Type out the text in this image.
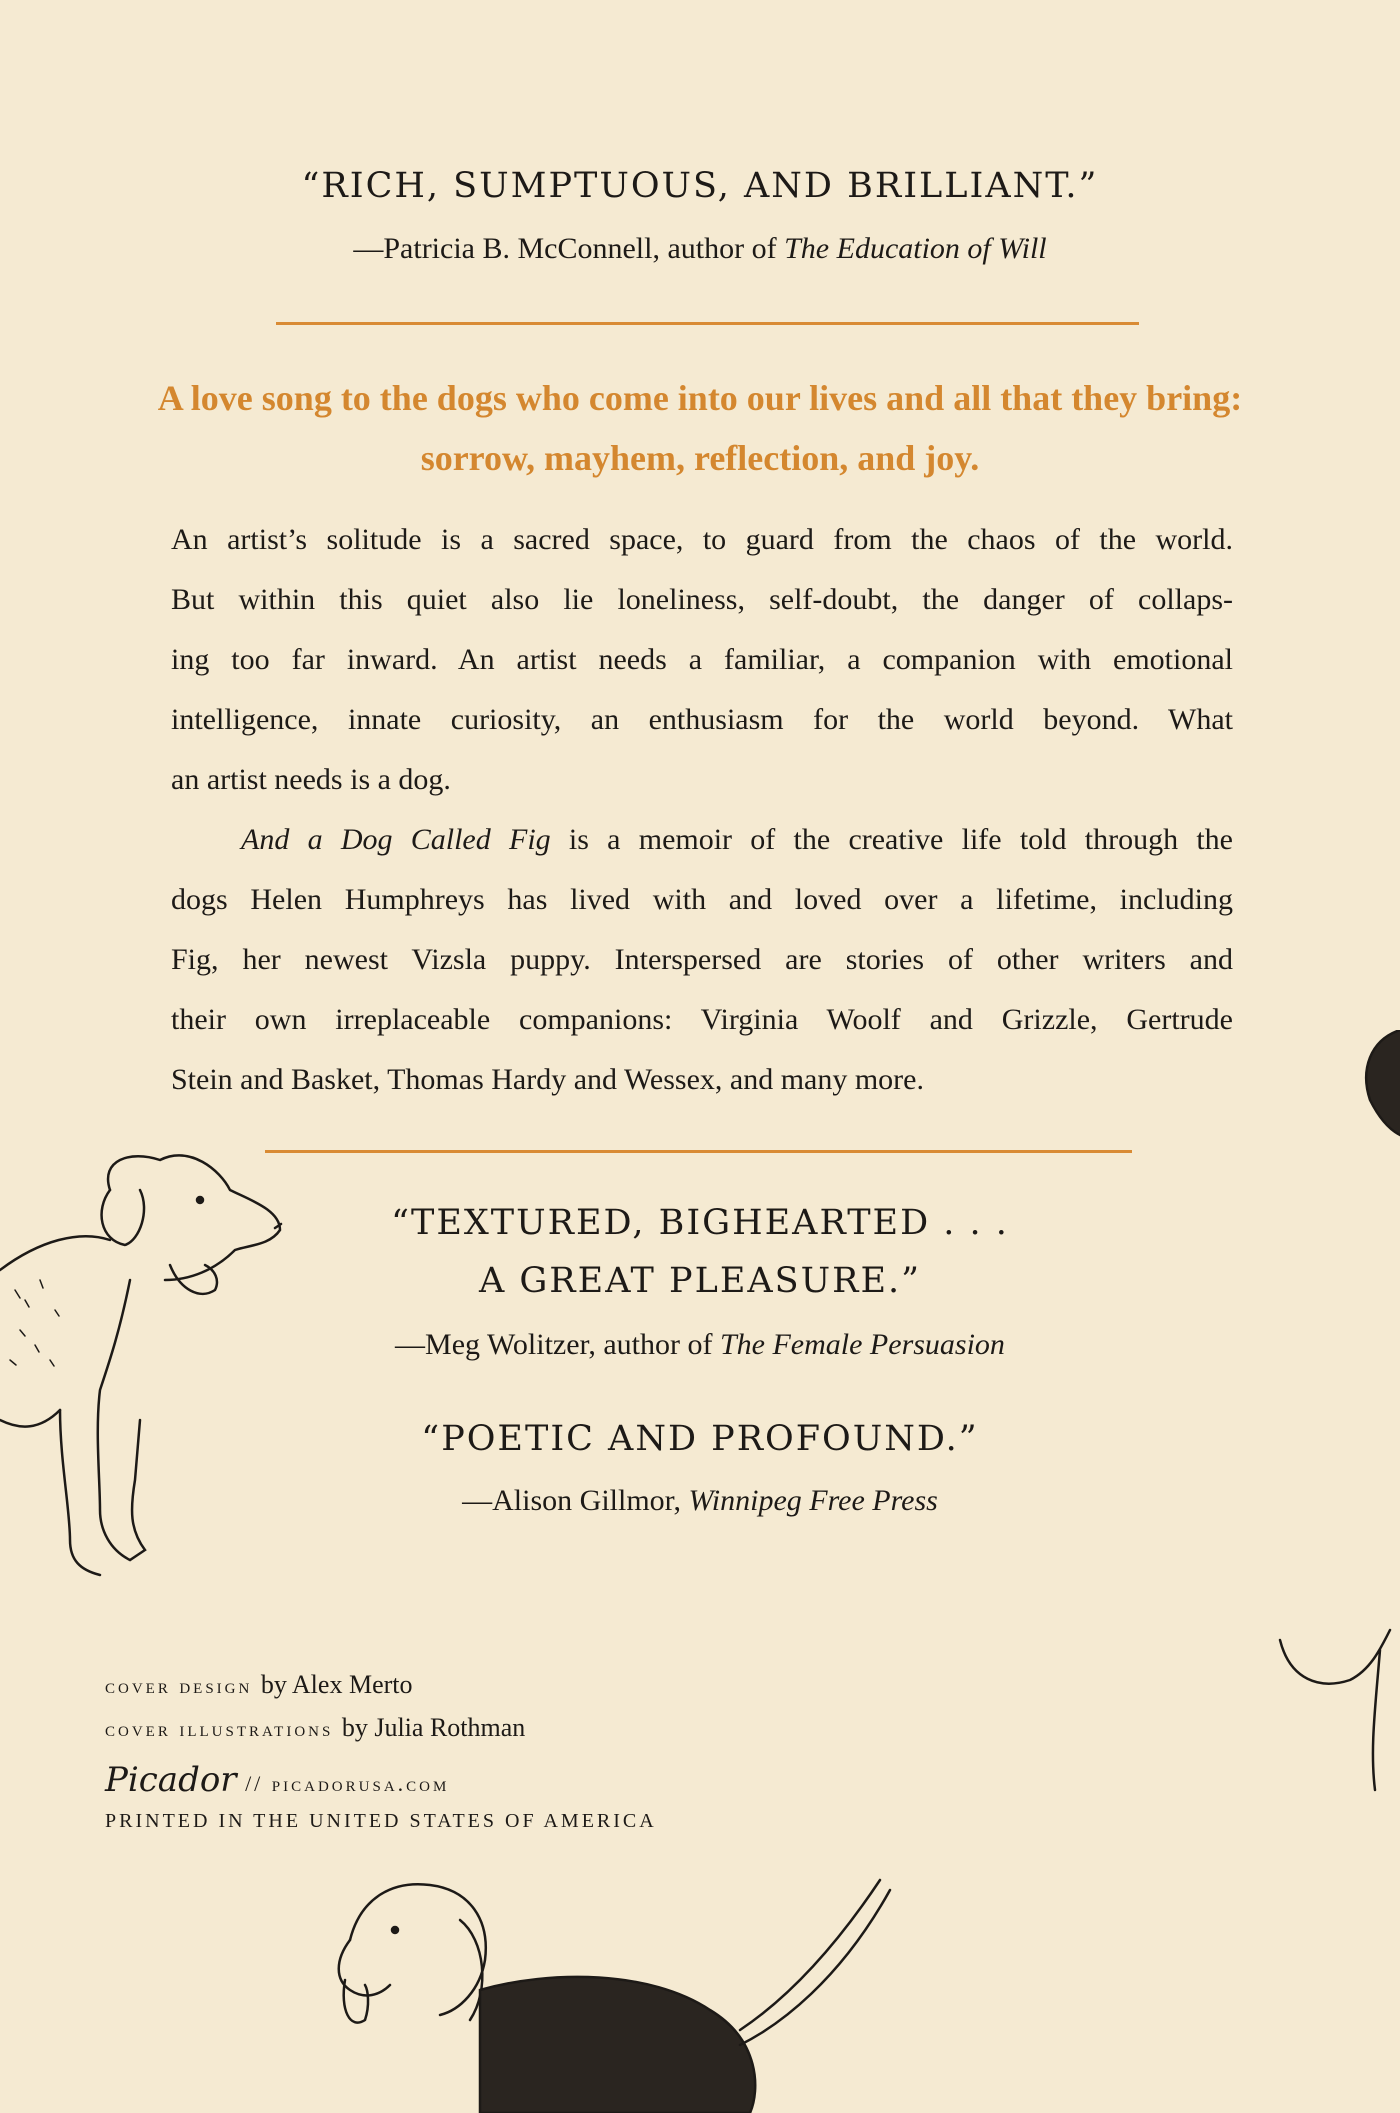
“RICH, SUMPTUOUS, AND BRILLIANT.”
—Patricia B. McConnell, author of The Education of Will
A love song to the dogs who come into our lives and all that they bring: sorrow, mayhem, reflection, and joy.
An artist’s solitude is a sacred space, to guard from the chaos of the world.
But within this quiet also lie loneliness, self-doubt, the danger of collaps-
ing too far inward. An artist needs a familiar, a companion with emotional
intelligence, innate curiosity, an enthusiasm for the world beyond. What
an artist needs is a dog.
And a Dog Called Fig is a memoir of the creative life told through the
dogs Helen Humphreys has lived with and loved over a lifetime, including
Fig, her newest Vizsla puppy. Interspersed are stories of other writers and
their own irreplaceable companions: Virginia Woolf and Grizzle, Gertrude
Stein and Basket, Thomas Hardy and Wessex, and many more.
“TEXTURED, BIGHEARTED . . .
A GREAT PLEASURE.”
—Meg Wolitzer, author of The Female Persuasion
“POETIC AND PROFOUND.”
—Alison Gillmor, Winnipeg Free Press
cover design by Alex Merto
cover illustrations by Julia Rothman
Picador // picadorusa.com
PRINTED IN THE UNITED STATES OF AMERICA
